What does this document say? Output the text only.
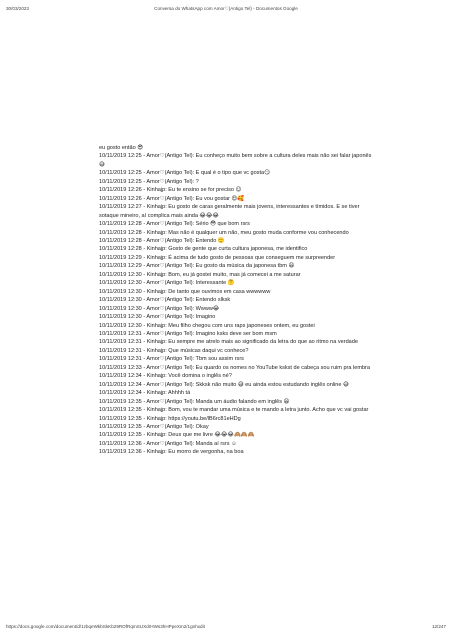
30/03/2023	Conversa do WhatsApp com Amor♡(Antigo Tel) - Documentos Google
eu gosto então 😎
10/11/2019 12:25 - Amor♡(Antigo Tel): Eu conheço muito bem sobre a cultura deles mais não sei falar japonês😅
10/11/2019 12:25 - Amor♡(Antigo Tel): E qual é o tipo que vc gosta😏
10/11/2019 12:25 - Amor♡(Antigo Tel): ?
10/11/2019 12:26 - Kinhajp: Eu te ensino se for preciso 😉
10/11/2019 12:26 - Amor♡(Antigo Tel): Eu vou gostar 😍🥰
10/11/2019 12:27 - Kinhajp: Eu gosto de caras geralmente mais jovens, interessantes e tímidos. E se tiver sotaque mineiro, aí complica mais ainda 😂😂😂
10/11/2019 12:28 - Amor♡(Antigo Tel): Sério 😳 que bom rsrs
10/11/2019 12:28 - Kinhajp: Mas não é qualquer um não, meu gosto muda conforme vou conhecendo
10/11/2019 12:28 - Amor♡(Antigo Tel): Entendo 🙂
10/11/2019 12:28 - Kinhajp: Gosto de gente que curta cultura japonesa, me identifico
10/11/2019 12:29 - Kinhajp: É acima de tudo gosto de pessoas que conseguem me surpreender
10/11/2019 12:29 - Amor♡(Antigo Tel): Eu gosto da música da japonesa tbm 😄
10/11/2019 12:30 - Kinhajp: Bom, eu já gostei muito, mas já comecei a me saturar
10/11/2019 12:30 - Amor♡(Antigo Tel): Interessante 🤔
10/11/2019 12:30 - Kinhajp: De tanto que ouvimos em casa wwwwww
10/11/2019 12:30 - Amor♡(Antigo Tel): Entendo slksk
10/11/2019 12:30 - Amor♡(Antigo Tel): Wwww😂
10/11/2019 12:30 - Amor♡(Antigo Tel): Imagino
10/11/2019 12:30 - Kinhajp: Meu filho chegou com uns raps japoneses ontem, eu gostei
10/11/2019 12:31 - Amor♡(Antigo Tel): Imagino ksks deve ser bom msm
10/11/2019 12:31 - Kinhajp: Eu sempre me atrelo mais ao significado da letra do que ao ritmo na verdade
10/11/2019 12:31 - Kinhajp: Que músicas daqui vc conhece?
10/11/2019 12:31 - Amor♡(Antigo Tel): Tbm sou assim rsrs
10/11/2019 12:33 - Amor♡(Antigo Tel): Eu quardo os nomes no YouTube kskst de cabeça sou ruim pra lembra
10/11/2019 12:34 - Kinhajp: Você domina o inglês né?
10/11/2019 12:34 - Amor♡(Antigo Tel): Skksk não muito 😅 eu ainda estou estudando inglês online 😅
10/11/2019 12:34 - Kinhajp: Ahhhh tá
10/11/2019 12:35 - Amor♡(Antigo Tel): Manda um áudio falando em inglês 😄
10/11/2019 12:35 - Kinhajp: Bom, vou te mandar uma música e te mando a letra junto. Acho que vc vai gostar
10/11/2019 12:35 - Kinhajp: https://youtu.be/lB6rc81eHDg
10/11/2019 12:35 - Amor♡(Antigo Tel): Okay
10/11/2019 12:35 - Kinhajp: Deus que me livre 😂😂😂🙈🙈🙈
10/11/2019 12:36 - Amor♡(Antigo Tel): Manda aí rsrs ☺
10/11/2019 12:36 - Kinhajp: Eu morro de vergonha, na boa
https://docs.google.com/document/d/1zbqeWkbSkKb29ROfRqmSUXdrHWs3hHPpeXm2/1gnhxdit	12/247
